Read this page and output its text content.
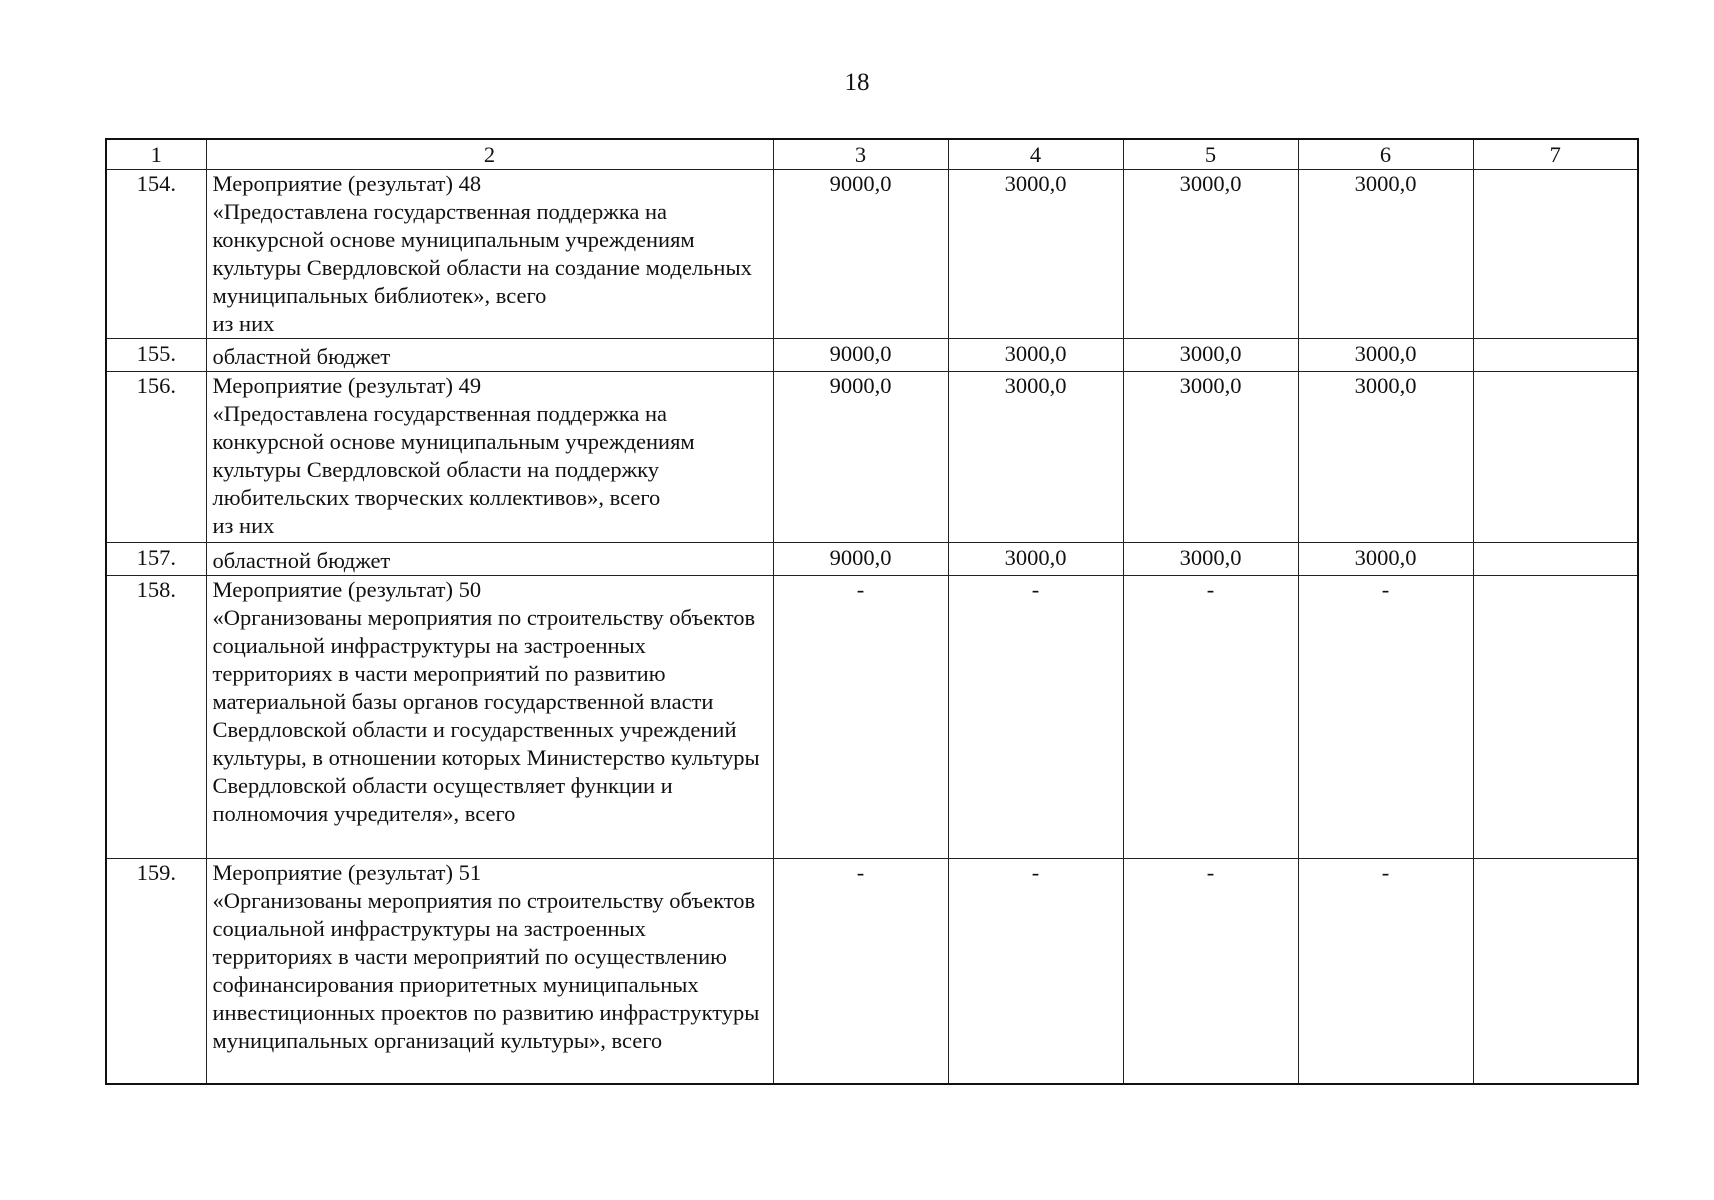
18
1	2	3	4	5	6	7
154.	Мероприятие (результат) 48
«Предоставлена государственная поддержка на конкурсной основе муниципальным учреждениям культуры Свердловской области на создание модельных муниципальных библиотек», всего
из них	9000,0	3000,0	3000,0	3000,0	
155.	областной бюджет	9000,0	3000,0	3000,0	3000,0	
156.	Мероприятие (результат) 49
«Предоставлена государственная поддержка на конкурсной основе муниципальным учреждениям культуры Свердловской области на поддержку любительских творческих коллективов», всего
из них	9000,0	3000,0	3000,0	3000,0	
157.	областной бюджет	9000,0	3000,0	3000,0	3000,0	
158.	Мероприятие (результат) 50
«Организованы мероприятия по строительству объектов социальной инфраструктуры на застроенных территориях в части мероприятий по развитию материальной базы органов государственной власти Свердловской области и государственных учреждений культуры, в отношении которых Министерство культуры Свердловской области осуществляет функции и полномочия учредителя», всего	-	-	-	-	
159.	Мероприятие (результат) 51
«Организованы мероприятия по строительству объектов социальной инфраструктуры на застроенных территориях в части мероприятий по осуществлению софинансирования приоритетных муниципальных инвестиционных проектов по развитию инфраструктуры муниципальных организаций культуры», всего	-	-	-	-	
